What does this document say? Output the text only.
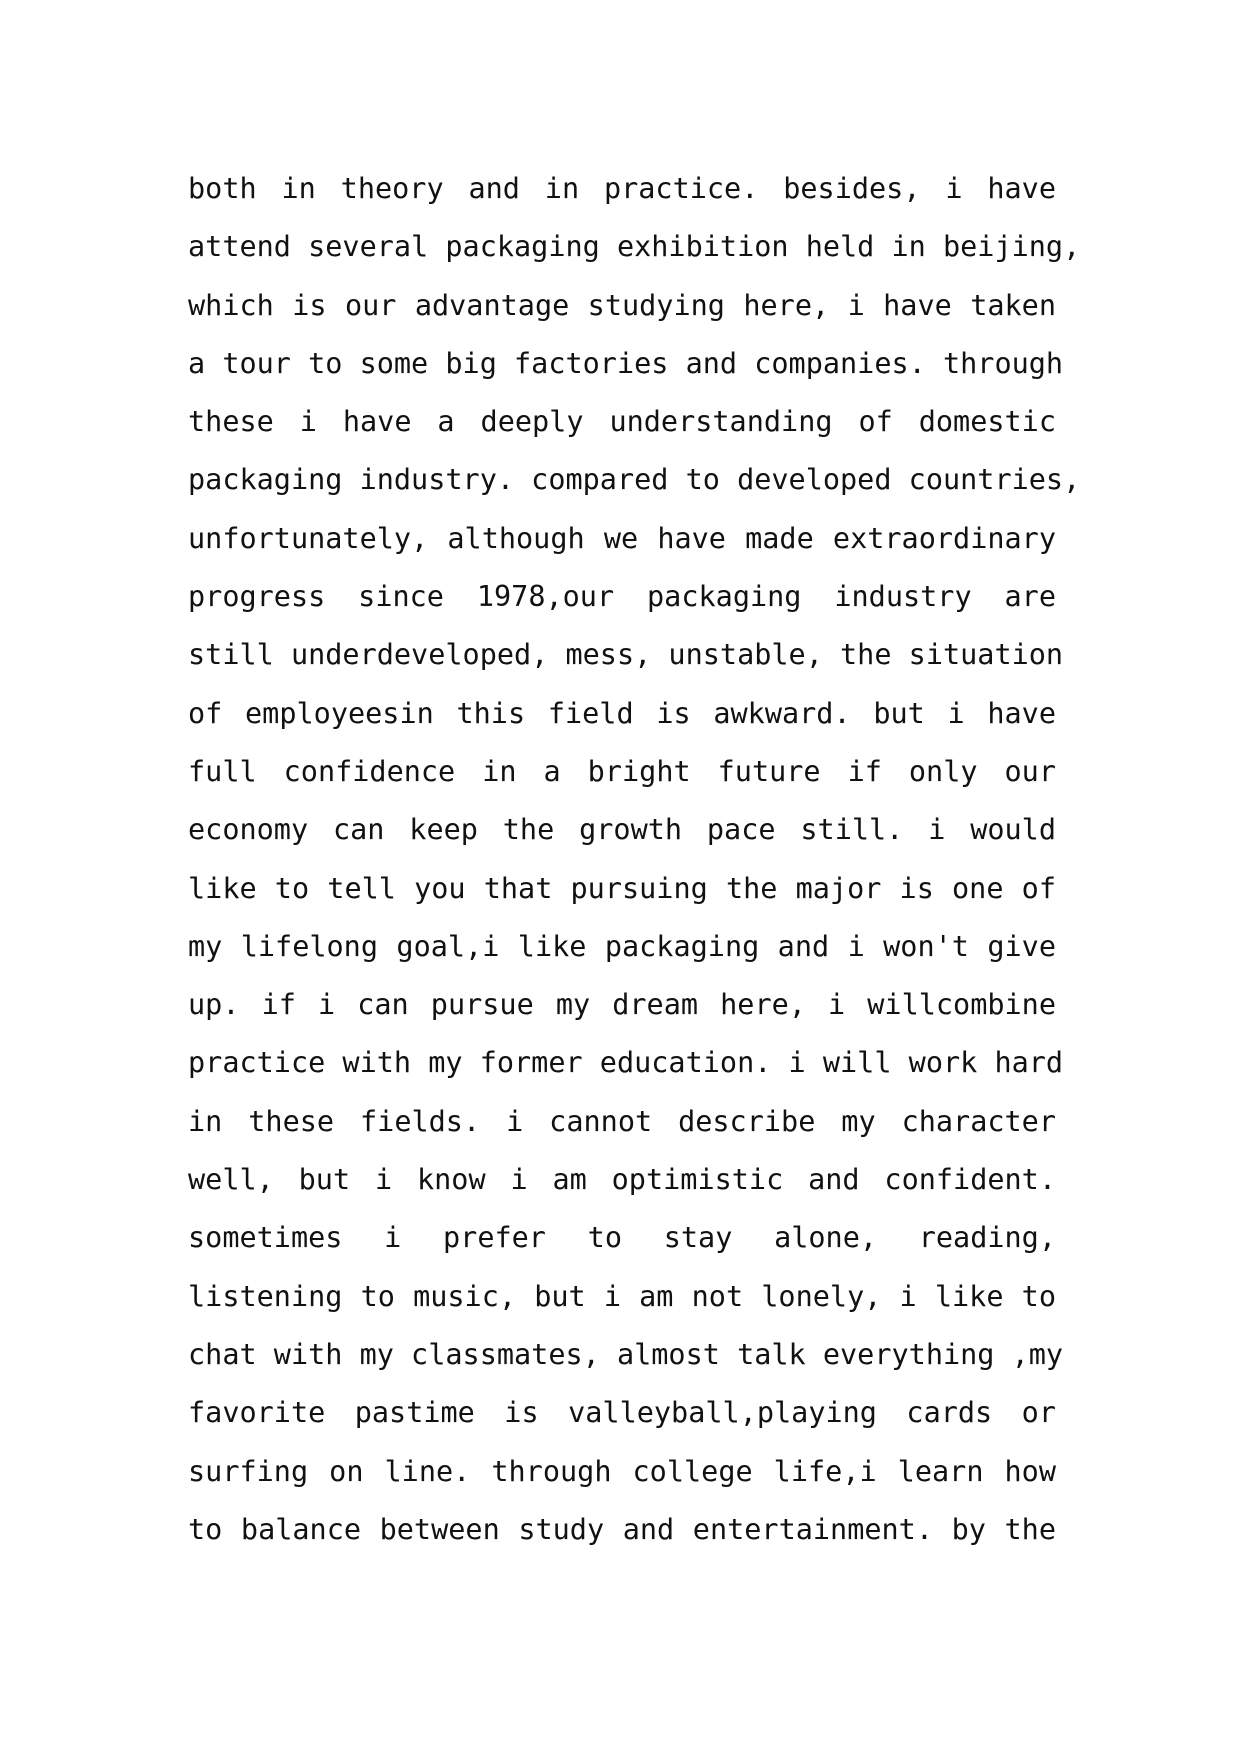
both in theory and in practice. besides, i have
attend several packaging exhibition held in beijing,
which is our advantage studying here, i have taken
a tour to some big factories and companies. through
these i have a deeply understanding of domestic
packaging industry. compared to developed countries,
unfortunately, although we have made extraordinary
progress since 1978,our packaging industry are
still underdeveloped, mess, unstable, the situation
of employeesin this field is awkward. but i have
full confidence in a bright future if only our
economy can keep the growth pace still. i would
like to tell you that pursuing the major is one of
my lifelong goal,i like packaging and i won't give
up. if i can pursue my dream here, i willcombine
practice with my former education. i will work hard
in these fields. i cannot describe my character
well, but i know i am optimistic and confident.
sometimes i prefer to stay alone, reading,
listening to music, but i am not lonely, i like to
chat with my classmates, almost talk everything ,my
favorite pastime is valleyball,playing cards or
surfing on line. through college life,i learn how
to balance between study and entertainment. by the
